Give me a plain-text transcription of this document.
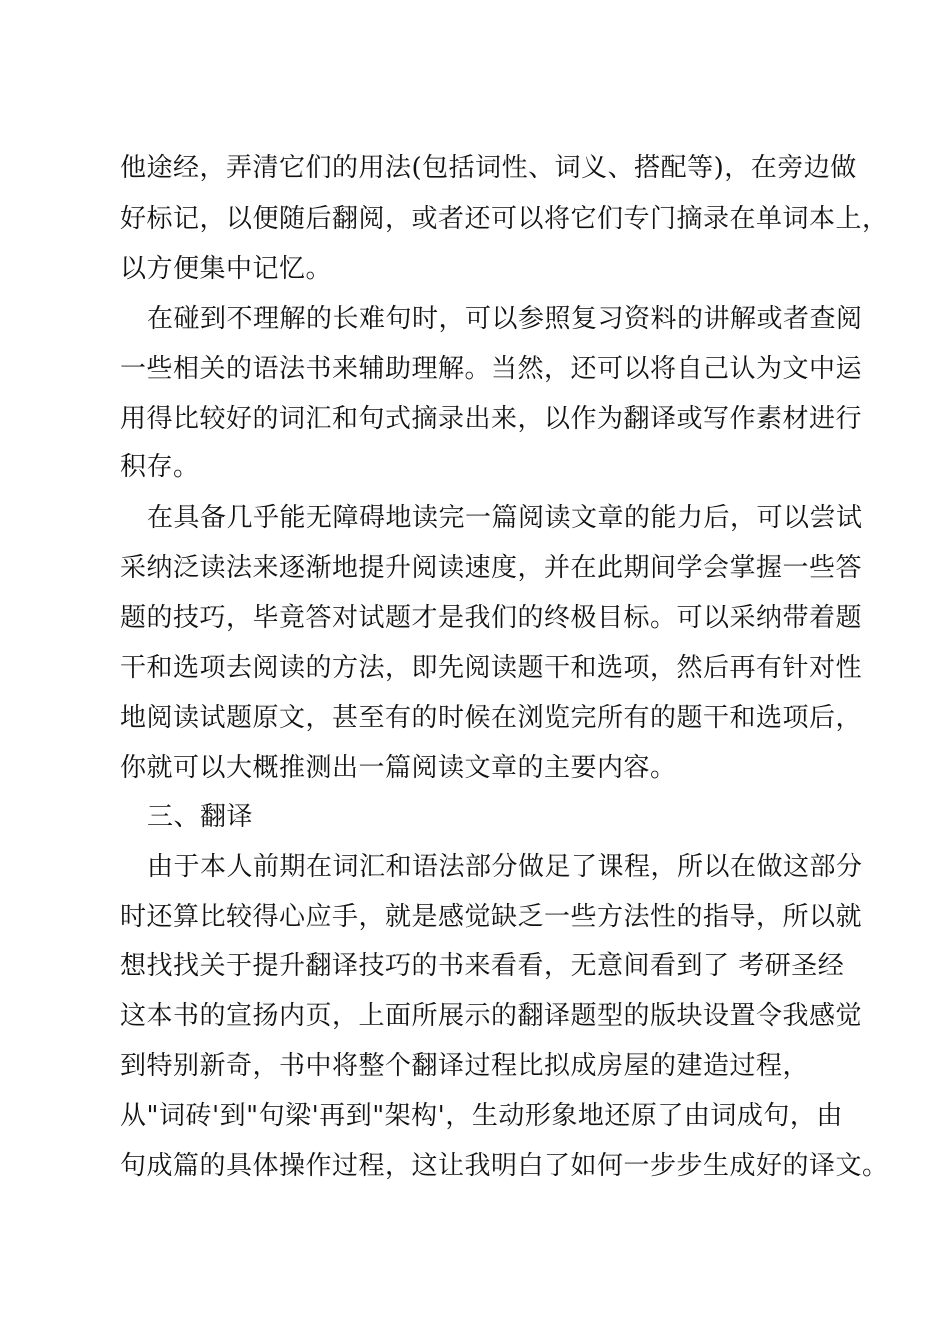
他途经，弄清它们的用法(包括词性、词义、搭配等)，在旁边做
好标记，以便随后翻阅，或者还可以将它们专门摘录在单词本上，
以方便集中记忆。
在碰到不理解的长难句时，可以参照复习资料的讲解或者查阅
一些相关的语法书来辅助理解。当然，还可以将自己认为文中运
用得比较好的词汇和句式摘录出来，以作为翻译或写作素材进行
积存。
在具备几乎能无障碍地读完一篇阅读文章的能力后，可以尝试
采纳泛读法来逐渐地提升阅读速度，并在此期间学会掌握一些答
题的技巧，毕竟答对试题才是我们的终极目标。可以采纳带着题
干和选项去阅读的方法，即先阅读题干和选项，然后再有针对性
地阅读试题原文，甚至有的时候在浏览完所有的题干和选项后，
你就可以大概推测出一篇阅读文章的主要内容。
三、翻译
由于本人前期在词汇和语法部分做足了课程，所以在做这部分
时还算比较得心应手，就是感觉缺乏一些方法性的指导，所以就
想找找关于提升翻译技巧的书来看看，无意间看到了 考研圣经
这本书的宣扬内页，上面所展示的翻译题型的版块设置令我感觉
到特别新奇，书中将整个翻译过程比拟成房屋的建造过程，
从"词砖'到"句梁'再到"架构'，生动形象地还原了由词成句，由
句成篇的具体操作过程，这让我明白了如何一步步生成好的译文。
